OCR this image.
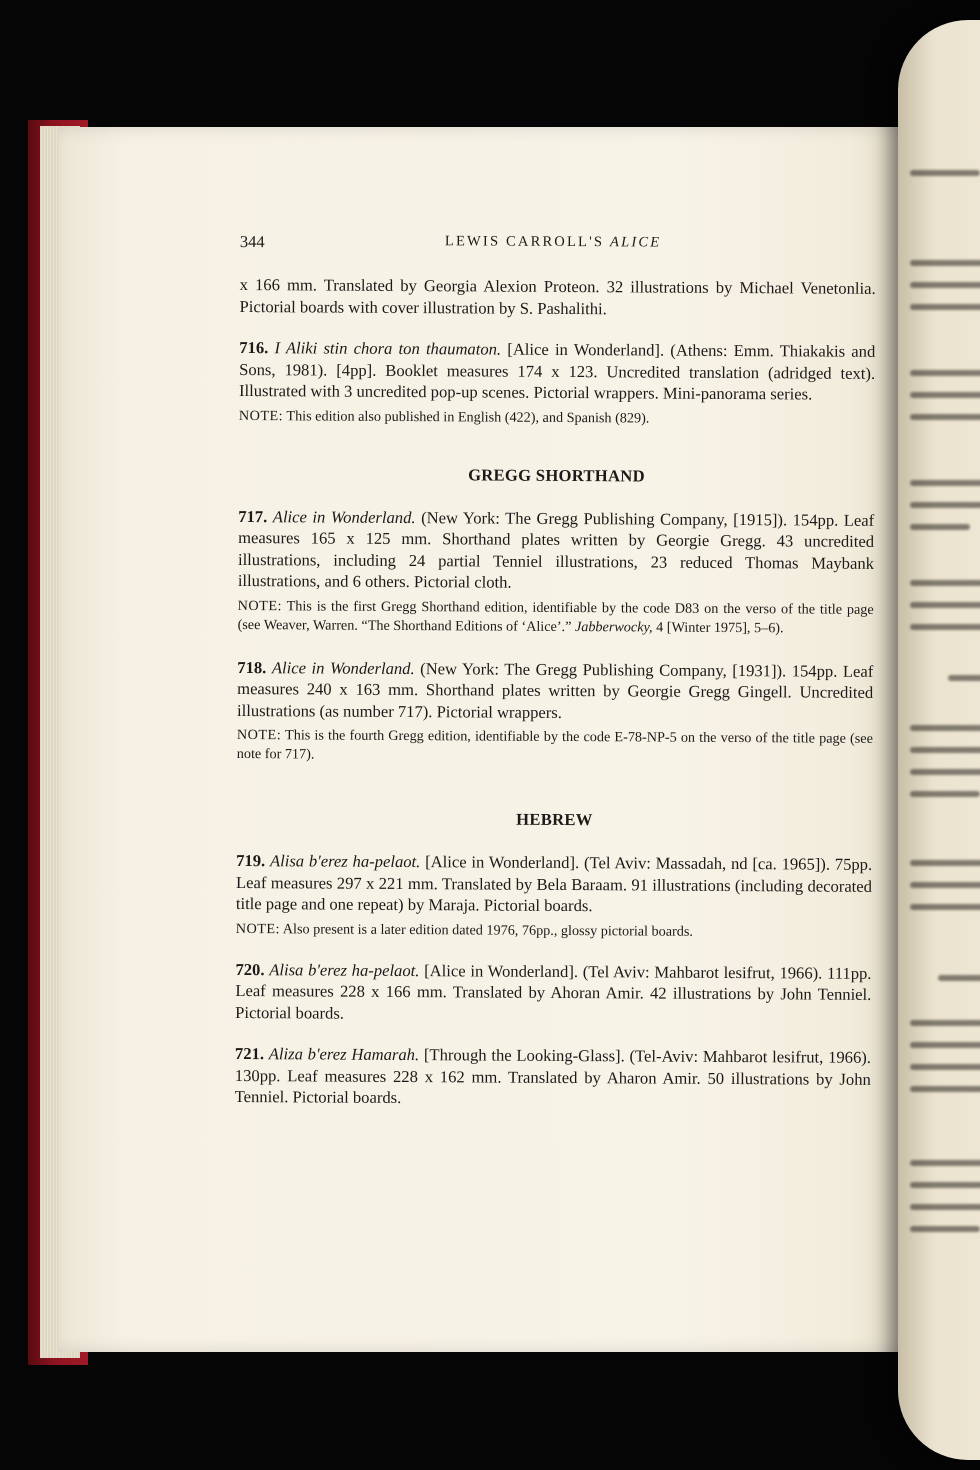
344	LEWIS CARROLL'S ALICE

x 166 mm. Translated by Georgia Alexion Proteon. 32 illustrations by Michael Venetonlia. Pictorial boards with cover illustration by S. Pashalithi.

716. I Aliki stin chora ton thaumaton. [Alice in Wonderland]. (Athens: Emm. Thiakakis and Sons, 1981). [4pp]. Booklet measures 174 x 123. Uncredited translation (adridged text). Illustrated with 3 uncredited pop-up scenes. Pictorial wrappers. Mini-panorama series.

NOTE: This edition also published in English (422), and Spanish (829).

GREGG SHORTHAND

717. Alice in Wonderland. (New York: The Gregg Publishing Company, [1915]). 154pp. Leaf measures 165 x 125 mm. Shorthand plates written by Georgie Gregg. 43 uncredited illustrations, including 24 partial Tenniel illustrations, 23 reduced Thomas Maybank illustrations, and 6 others. Pictorial cloth.

NOTE: This is the first Gregg Shorthand edition, identifiable by the code D83 on the verso of the title page (see Weaver, Warren. “The Shorthand Editions of ‘Alice’.” Jabberwocky, 4 [Winter 1975], 5–6).

718. Alice in Wonderland. (New York: The Gregg Publishing Company, [1931]). 154pp. Leaf measures 240 x 163 mm. Shorthand plates written by Georgie Gregg Gingell. Uncredited illustrations (as number 717). Pictorial wrappers.

NOTE: This is the fourth Gregg edition, identifiable by the code E-78-NP-5 on the verso of the title page (see note for 717).

HEBREW

719. Alisa b'erez ha-pelaot. [Alice in Wonderland]. (Tel Aviv: Massadah, nd [ca. 1965]). 75pp. Leaf measures 297 x 221 mm. Translated by Bela Baraam. 91 illustrations (including decorated title page and one repeat) by Maraja. Pictorial boards.

NOTE: Also present is a later edition dated 1976, 76pp., glossy pictorial boards.

720. Alisa b'erez ha-pelaot. [Alice in Wonderland]. (Tel Aviv: Mahbarot lesifrut, 1966). 111pp. Leaf measures 228 x 166 mm. Translated by Ahoran Amir. 42 illustrations by John Tenniel. Pictorial boards.

721. Aliza b'erez Hamarah. [Through the Looking-Glass]. (Tel-Aviv: Mahbarot lesifrut, 1966). 130pp. Leaf measures 228 x 162 mm. Translated by Aharon Amir. 50 illustrations by John Tenniel. Pictorial boards.
